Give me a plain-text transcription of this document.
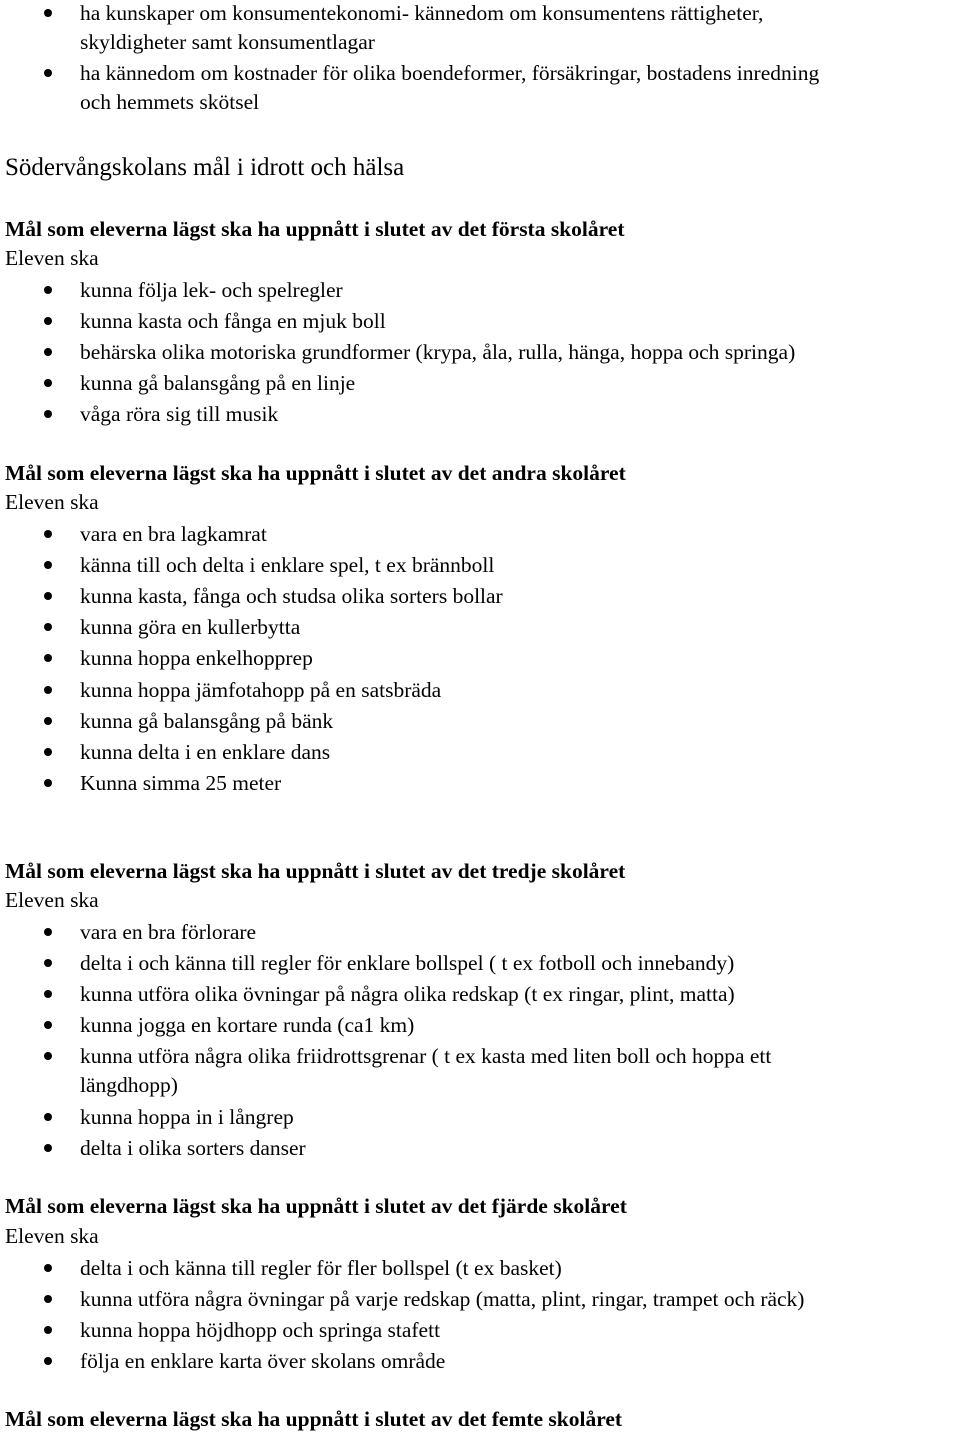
ha kunskaper om konsumentekonomi- kännedom om konsumentens rättigheter,
skyldigheter samt konsumentlagar
ha kännedom om kostnader för olika boendeformer, försäkringar, bostadens inredning
och hemmets skötsel
Södervångskolans mål i idrott och hälsa
Mål som eleverna lägst ska ha uppnått i slutet av det första skolåret
Eleven ska
kunna följa lek- och spelregler
kunna kasta och fånga en mjuk boll
behärska olika motoriska grundformer (krypa, åla, rulla, hänga, hoppa och springa)
kunna gå balansgång på en linje
våga röra sig till musik
Mål som eleverna lägst ska ha uppnått i slutet av det andra skolåret
Eleven ska
vara en bra lagkamrat
känna till och delta i enklare spel, t ex brännboll
kunna kasta, fånga och studsa olika sorters bollar
kunna göra en kullerbytta
kunna hoppa enkelhopprep
kunna hoppa jämfotahopp på en satsbräda
kunna gå balansgång på bänk
kunna delta i en enklare dans
Kunna simma 25 meter
Mål som eleverna lägst ska ha uppnått i slutet av det tredje skolåret
Eleven ska
vara en bra förlorare
delta i och känna till regler för enklare bollspel ( t ex fotboll och innebandy)
kunna utföra olika övningar på några olika redskap (t ex ringar, plint, matta)
kunna jogga en kortare runda (ca1 km)
kunna utföra några olika friidrottsgrenar ( t ex kasta med liten boll och hoppa ett
längdhopp)
kunna hoppa in i långrep
delta i olika sorters danser
Mål som eleverna lägst ska ha uppnått i slutet av det fjärde skolåret
Eleven ska
delta i och känna till regler för fler bollspel (t ex basket)
kunna utföra några övningar på varje redskap (matta, plint, ringar, trampet och räck)
kunna hoppa höjdhopp och springa stafett
följa en enklare karta över skolans område
Mål som eleverna lägst ska ha uppnått i slutet av det femte skolåret
